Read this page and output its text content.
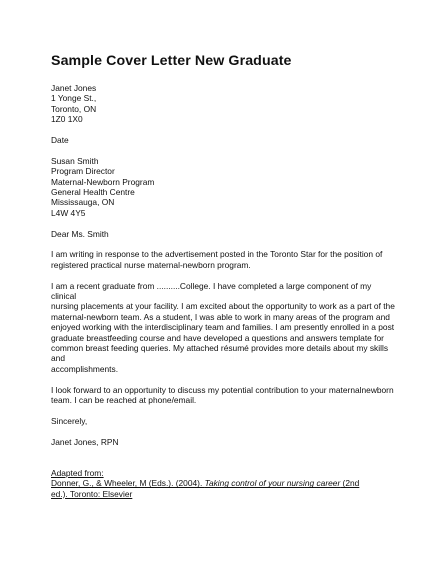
Sample Cover Letter New Graduate
Janet Jones
1 Yonge St.,
Toronto, ON
1Z0 1X0
Date
Susan Smith
Program Director
Maternal-Newborn Program
General Health Centre
Mississauga, ON
L4W 4Y5
Dear Ms. Smith

I am writing in response to the advertisement posted in the Toronto Star for the position of

registered practical nurse maternal-newborn program.

I am a recent graduate from ..........College. I have completed a large component of my clinical

nursing placements at your facility. I am excited about the opportunity to work as a part of the

maternal-newborn team. As a student, I was able to work in many areas of the program and

enjoyed working with the interdisciplinary team and families. I am presently enrolled in a post

graduate breastfeeding course and have developed a questions and answers template for

common breast feeding queries. My attached résumé provides more details about my skills and

accomplishments.

I look forward to an opportunity to discuss my potential contribution to your maternalnewborn

team. I can be reached at phone/email.

Sincerely,
Janet Jones, RPN
Adapted from:
Donner, G., & Wheeler, M (Eds.). (2004). Taking control of your nursing career (2nd
ed.). Toronto: Elsevier
